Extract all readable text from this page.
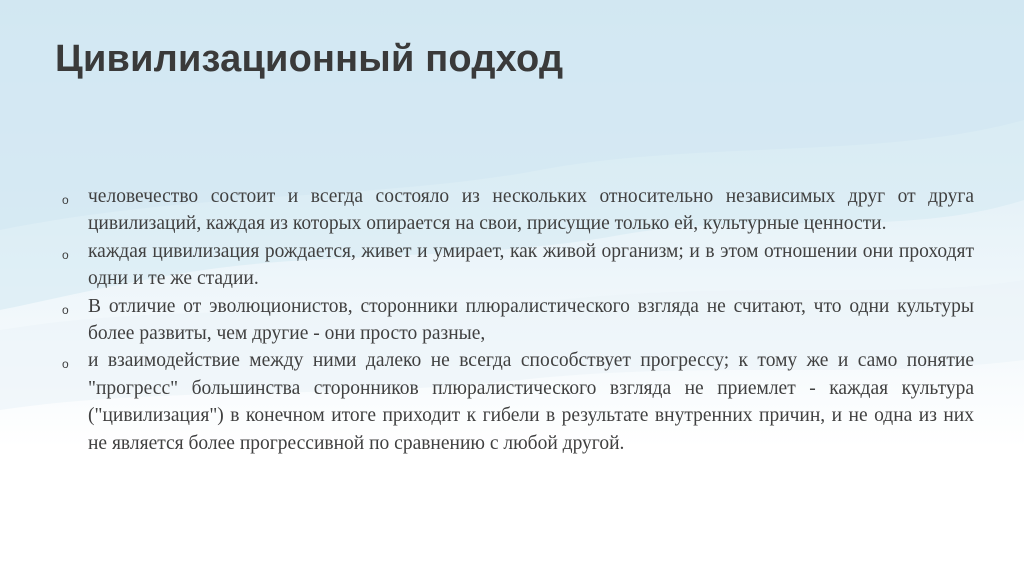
Цивилизационный подход
o
человечество состоит и всегда состояло из нескольких относительно независимых друг от друга цивилизаций, каждая из которых опирается на свои, присущие только ей, культурные ценности.
o
каждая цивилизация рождается, живет и умирает, как живой организм; и в этом отношении они проходят одни и те же стадии.
o
В отличие от эволюционистов, сторонники плюралистического взгляда не считают, что одни культуры более развиты, чем другие - они просто разные,
o
и взаимодействие между ними далеко не всегда способствует прогрессу; к тому же и само понятие "прогресс" большинства сторонников плюралистического взгляда не приемлет - каждая культура ("цивилизация") в конечном итоге приходит к гибели в результате внутренних причин, и не одна из них не является более прогрессивной по сравнению с любой другой.
